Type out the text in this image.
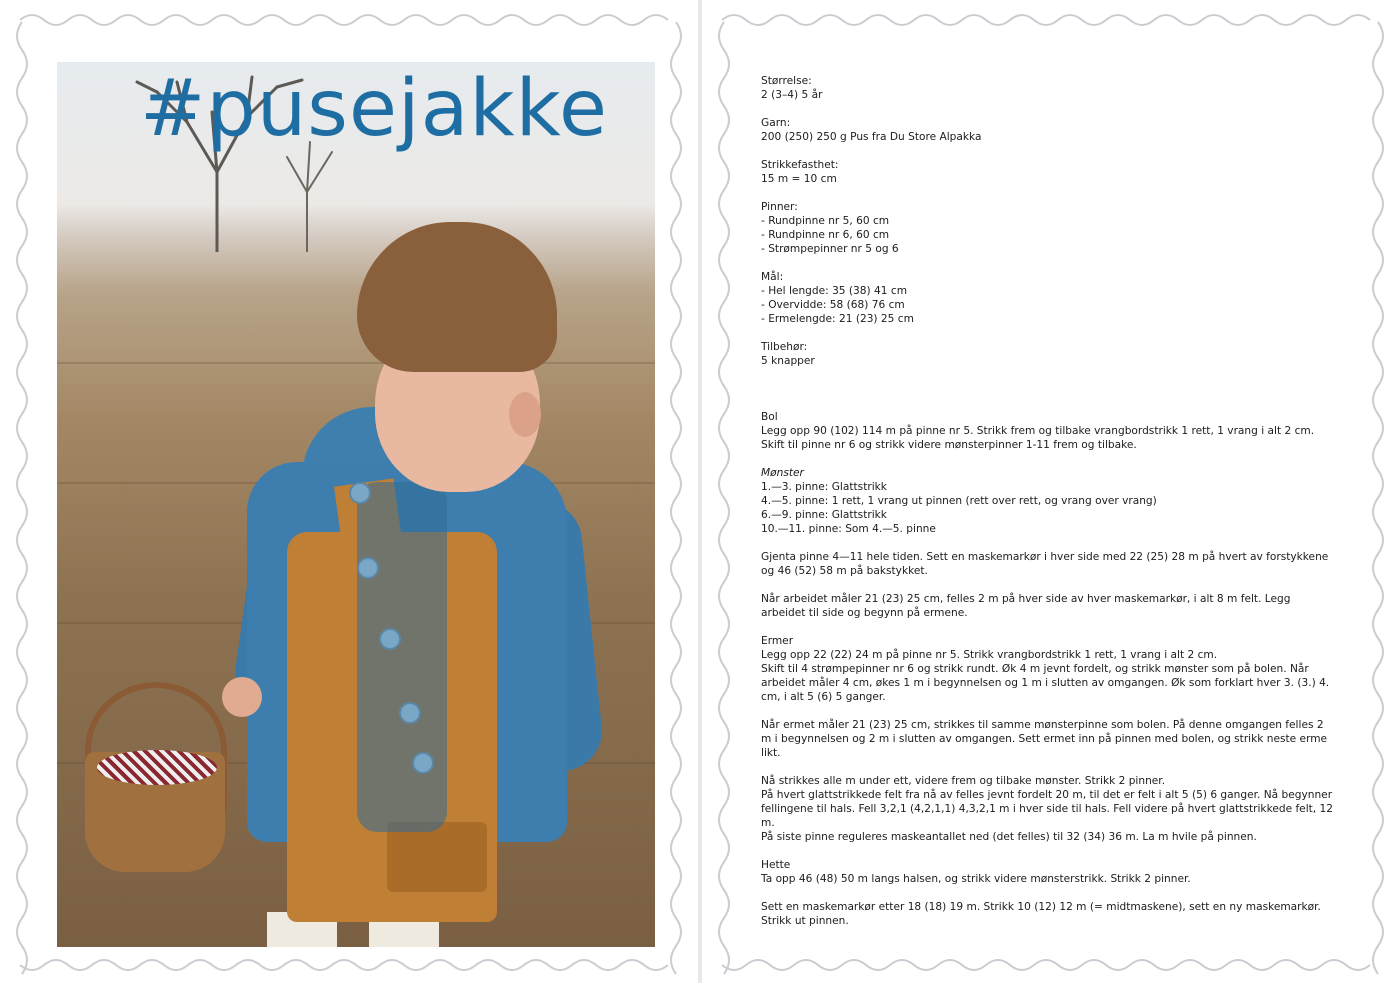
#pusejakke	Størrelse:
2 (3–4) 5 år
Garn:
200 (250) 250 g Pus fra Du Store Alpakka
Strikkefasthet:
15 m = 10 cm
Pinner:
- Rundpinne nr 5, 60 cm
- Rundpinne nr 6, 60 cm
- Strømpepinner nr 5 og 6
Mål:
- Hel lengde: 35 (38) 41 cm
- Overvidde: 58 (68) 76 cm
- Ermelengde: 21 (23) 25 cm
Tilbehør:
5 knapper
Bol
Legg opp 90 (102) 114 m på pinne nr 5. Strikk frem og tilbake vrangbordstrikk 1 rett, 1 vrang i alt 2 cm.
Skift til pinne nr 6 og strikk videre mønsterpinner 1-11 frem og tilbake.
Mønster
1.—3. pinne: Glattstrikk
4.—5. pinne: 1 rett, 1 vrang ut pinnen (rett over rett, og vrang over vrang)
6.—9. pinne: Glattstrikk
10.—11. pinne: Som 4.—5. pinne
Gjenta pinne 4—11 hele tiden. Sett en maskemarkør i hver side med 22 (25) 28 m på hvert av forstykkene og 46 (52) 58 m på bakstykket.
Når arbeidet måler 21 (23) 25 cm, felles 2 m på hver side av hver maskemarkør, i alt 8 m felt. Legg arbeidet til side og begynn på ermene.
Ermer
Legg opp 22 (22) 24 m på pinne nr 5. Strikk vrangbordstrikk 1 rett, 1 vrang i alt 2 cm.
Skift til 4 strømpepinner nr 6 og strikk rundt. Øk 4 m jevnt fordelt, og strikk mønster som på bolen. Når arbeidet måler 4 cm, økes 1 m i begynnelsen og 1 m i slutten av omgangen. Øk som forklart hver 3. (3.) 4. cm, i alt 5 (6) 5 ganger.
Når ermet måler 21 (23) 25 cm, strikkes til samme mønsterpinne som bolen. På denne omgangen felles 2 m i begynnelsen og 2 m i slutten av omgangen. Sett ermet inn på pinnen med bolen, og strikk neste erme likt.
Nå strikkes alle m under ett, videre frem og tilbake mønster. Strikk 2 pinner.
På hvert glattstrikkede felt fra nå av felles jevnt fordelt 20 m, til det er felt i alt 5 (5) 6 ganger. Nå begynner fellingene til hals. Fell 3,2,1 (4,2,1,1) 4,3,2,1 m i hver side til hals. Fell videre på hvert glattstrikkede felt, 12 m.
På siste pinne reguleres maskeantallet ned (det felles) til 32 (34) 36 m. La m hvile på pinnen.
Hette
Ta opp 46 (48) 50 m langs halsen, og strikk videre mønsterstrikk. Strikk 2 pinner.
Sett en maskemarkør etter 18 (18) 19 m. Strikk 10 (12) 12 m (= midtmaskene), sett en ny maskemarkør. Strikk ut pinnen.
